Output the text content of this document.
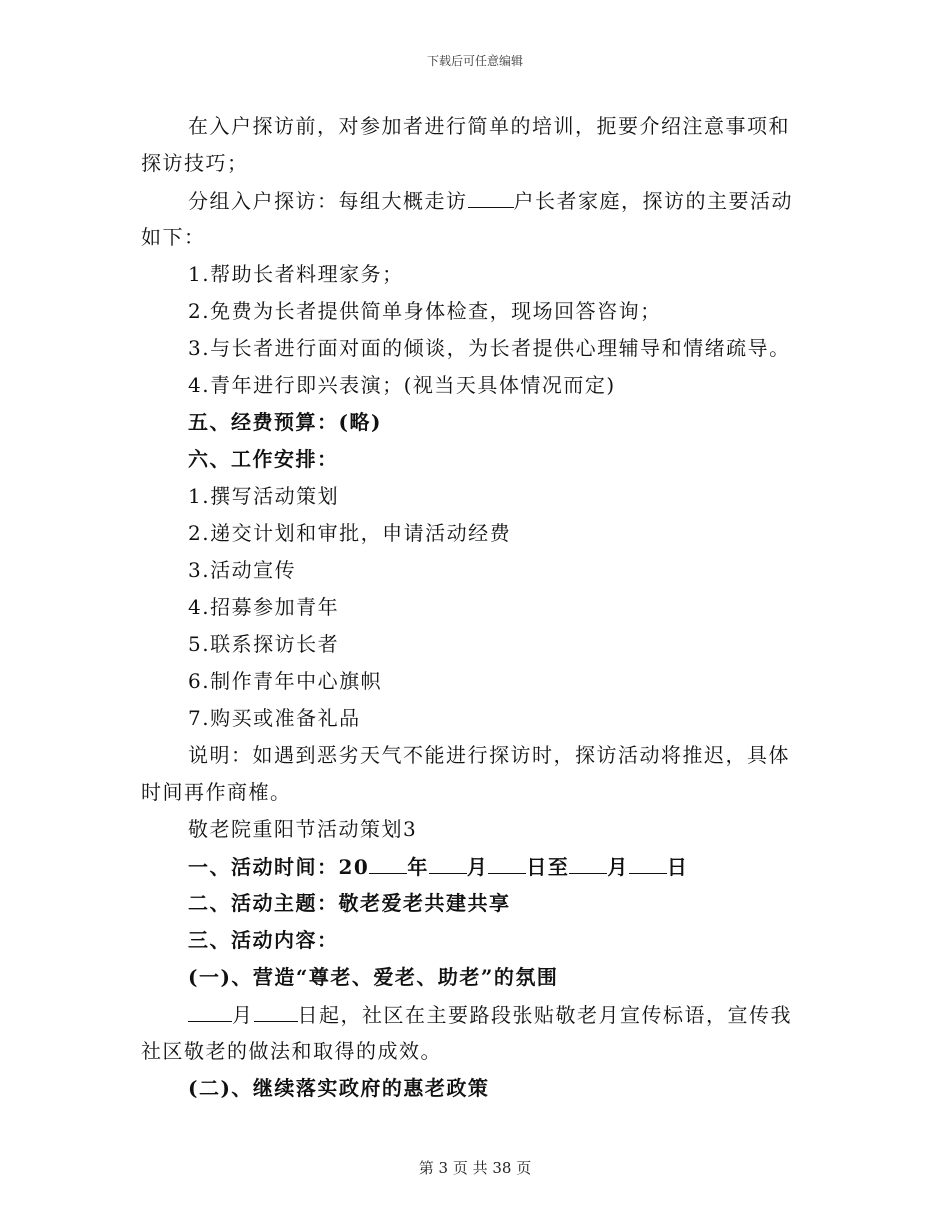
下载后可任意编辑
在入户探访前，对参加者进行简单的培训，扼要介绍注意事项和
探访技巧；
分组入户探访：每组大概走访 户长者家庭，探访的主要活动
如下：
1.帮助长者料理家务；
2.免费为长者提供简单身体检查，现场回答咨询；
3.与长者进行面对面的倾谈，为长者提供心理辅导和情绪疏导。
4.青年进行即兴表演；(视当天具体情况而定)
五、经费预算：(略)
六、工作安排：
1.撰写活动策划
2.递交计划和审批，申请活动经费
3.活动宣传
4.招募参加青年
5.联系探访长者
6.制作青年中心旗帜
7.购买或准备礼品
说明：如遇到恶劣天气不能进行探访时，探访活动将推迟，具体
时间再作商榷。
敬老院重阳节活动策划3
一、活动时间：20 年 月 日至 月 日
二、活动主题：敬老爱老共建共享
三、活动内容：
(一)、营造“尊老、爱老、助老”的氛围
月 日起，社区在主要路段张贴敬老月宣传标语，宣传我
社区敬老的做法和取得的成效。
(二)、继续落实政府的惠老政策
第 3 页 共 38 页
